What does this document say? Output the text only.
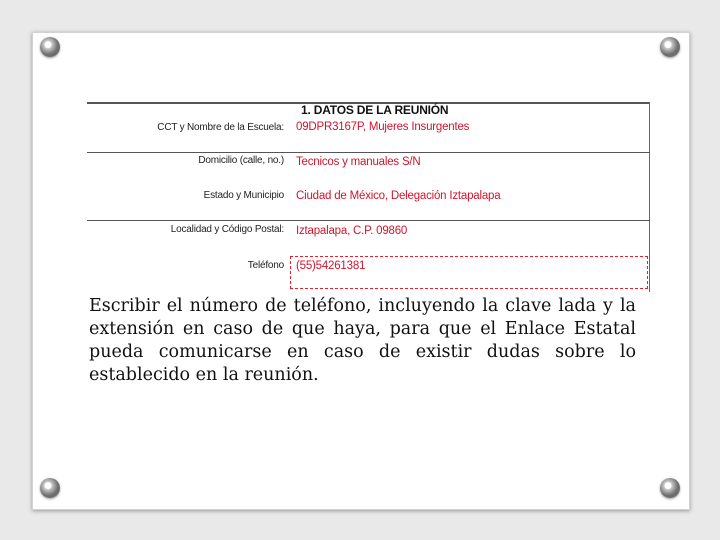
1. DATOS DE LA REUNIÓN
CCT y Nombre de la Escuela: 09DPR3167P, Mujeres Insurgentes
Domicilio (calle, no.) Tecnicos y manuales S/N
Estado y Municipio Ciudad de México, Delegación Iztapalapa
Localidad y Código Postal: Iztapalapa, C.P. 09860
Teléfono (55)54261381
Escribir el número de teléfono, incluyendo la clave lada y la extensión en caso de que haya, para que el Enlace Estatal pueda comunicarse en caso de existir dudas sobre lo establecido en la reunión.
